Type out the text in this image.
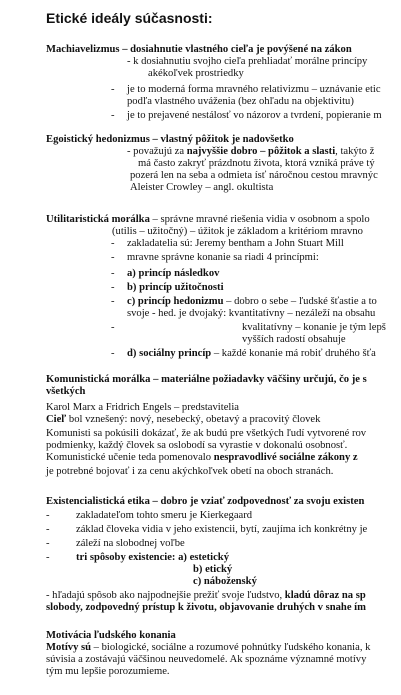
Etické ideály súčasnosti:
Machiavelizmus – dosiahnutie vlastného cieľa je povýšené na zákon
- k dosiahnutiu svojho cieľa prehliadať morálne princípy
akékoľvek prostriedky
- je to moderná forma mravného relativizmu – uznávanie etic
podľa vlastného uváženia (bez ohľadu na objektivitu)
- je to prejavené nestálosť vo názorov a tvrdení, popieranie m
Egoistický hedonizmus – vlastný pôžitok je nadovšetko
- považujú za najvyššie dobro – pôžitok a slasti, takýto ž
má často zakryť prázdnotu života, ktorá vzniká práve tý
pozerá len na seba a odmieta ísť náročnou cestou mravnýc
Aleister Crowley – angl. okultista
Utilitaristická morálka – správne mravné riešenia vidia v osobnom a spolo
(utilis – užitočný) – úžitok je základom a kritériom mravno
- zakladatelia sú: Jeremy bentham a John Stuart Mill
- mravne správne konanie sa riadi 4 princípmi:
- a) princíp následkov
- b) princíp užitočnosti
- c) princíp hedonizmu – dobro o sebe – ľudské šťastie a to
svoje - hed. je dvojaký: kvantitatívny – nezáleží na obsahu
-	kvalitatívny – konanie je tým lepš
vyšších radostí obsahuje
- d) sociálny princíp – každé konanie má robiť druhého šťa
Komunistická morálka – materiálne požiadavky väčšiny určujú, čo je s
všetkých
Karol Marx a Fridrich Engels – predstavitelia
Cieľ bol vznešený: nový, nesebecký, obetavý a pracovitý človek
Komunisti sa pokúsili dokázať, že ak budú pre všetkých ľudí vytvorené rov
podmienky, každý človek sa oslobodí sa vyrastie v dokonalú osobnosť.
Komunistické učenie teda pomenovalo nespravodlivé sociálne zákony z
je potrebné bojovať i za cenu akýchkoľvek obetí na oboch stranách.
Existencialistická etika – dobro je vziať zodpovednosť za svoju existen
- zakladateľom tohto smeru je Kierkegaard
- základ človeka vidia v jeho existencii, bytí, zaujíma ich konkrétny je
- záleží na slobodnej voľbe
- tri spôsoby existencie: a) estetický
b) etický
c) náboženský
- hľadajú spôsob ako najpodnejšie prežiť svoje ľudstvo, kladú dôraz na sp
slobody, zodpovedný prístup k životu, objavovanie druhých v snahe ím
Motivácia ľudského konania
Motívy sú – biologické, sociálne a rozumové pohnútky ľudského konania, k
súvisia a zostávajú väčšinou neuvedomelé. Ak spoznáme významné motívy
tým mu lepšie porozumieme.
